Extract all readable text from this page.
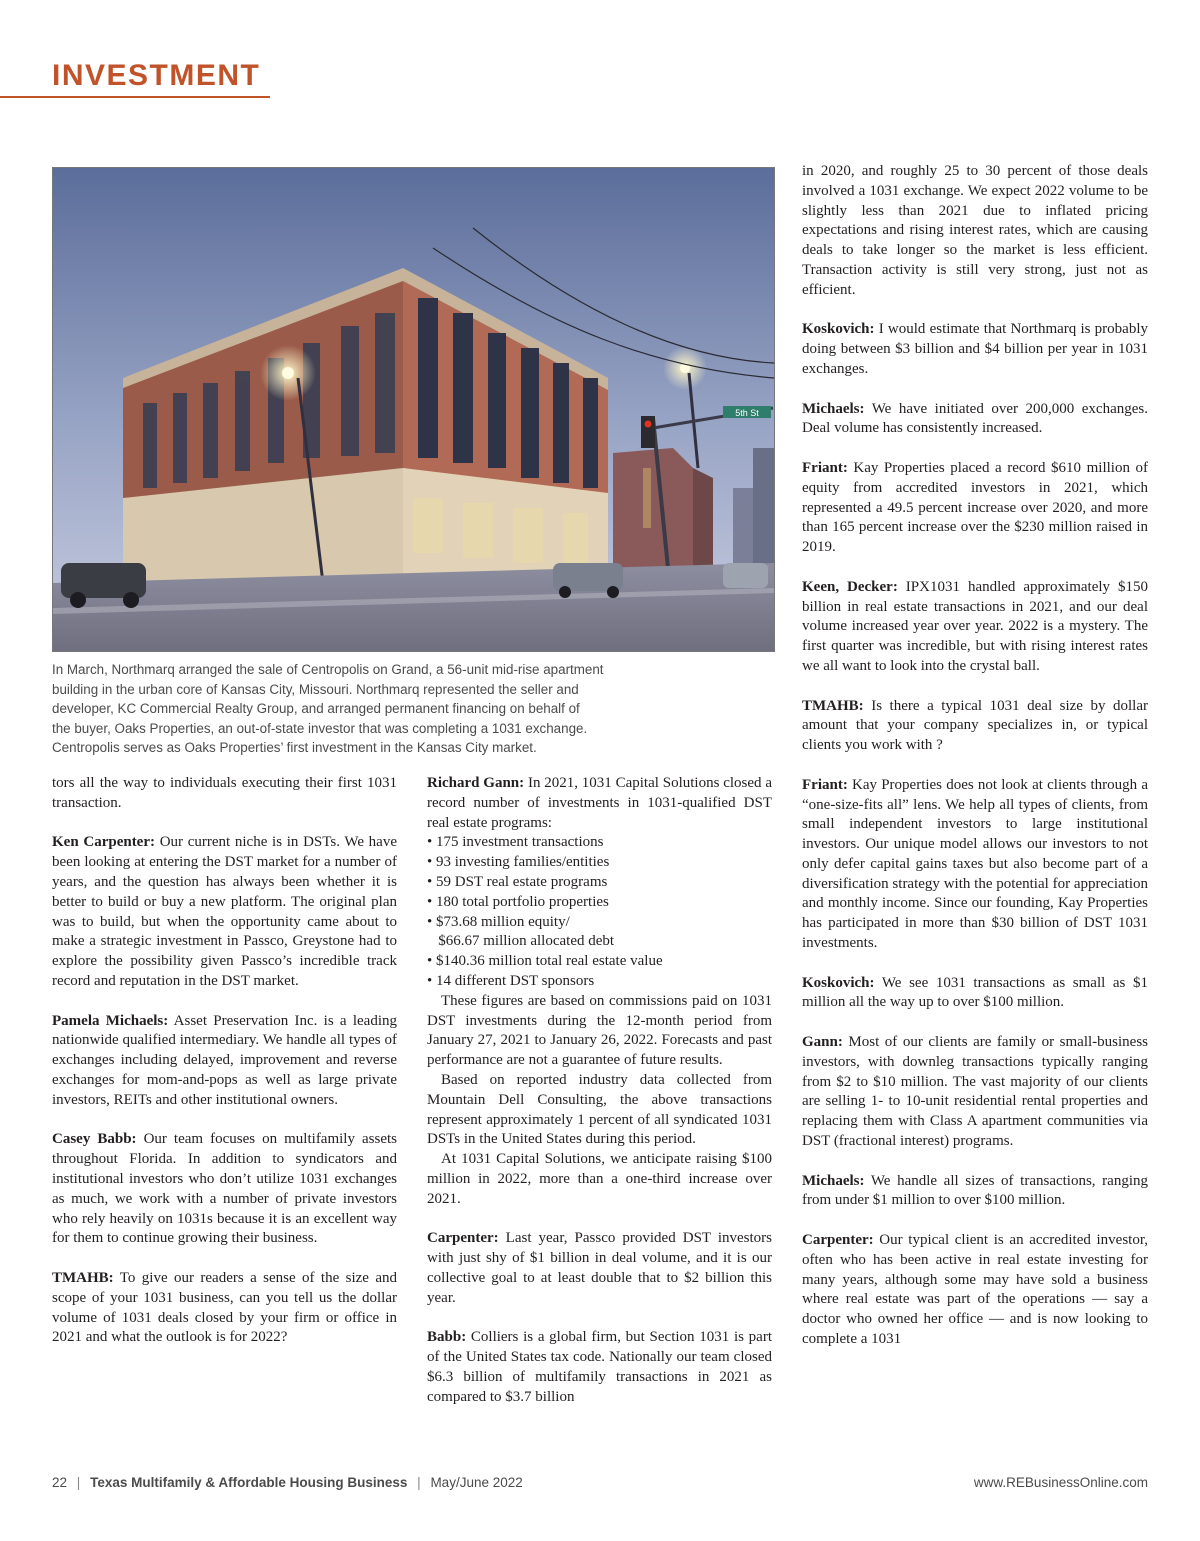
INVESTMENT
5th St

In March, Northmarq arranged the sale of Centropolis on Grand, a 56-unit mid-rise apartment

building in the urban core of Kansas City, Missouri. Northmarq represented the seller and

developer, KC Commercial Realty Group, and arranged permanent financing on behalf of

the buyer, Oaks Properties, an out-of-state investor that was completing a 1031 exchange.

Centropolis serves as Oaks Properties’ first investment in the Kansas City market.

tors all the way to individuals executing their first 1031 transaction.

Ken Carpenter: Our current niche is in DSTs. We have been looking at entering the DST market for a number of years, and the question has always been whether it is better to build or buy a new platform. The original plan was to build, but when the opportunity came about to make a strategic investment in Passco, Greystone had to explore the possibility given Passco’s incredible track record and reputation in the DST market.

Pamela Michaels: Asset Preservation Inc. is a leading nationwide qualified intermediary. We handle all types of exchanges including delayed, improvement and reverse exchanges for mom-and-pops as well as large private investors, REITs and other institutional owners.

Casey Babb: Our team focuses on multifamily assets throughout Florida. In addition to syndicators and institutional investors who don’t utilize 1031 exchanges as much, we work with a number of private investors who rely heavily on 1031s because it is an excellent way for them to continue growing their business.

TMAHB: To give our readers a sense of the size and scope of your 1031 business, can you tell us the dollar volume of 1031 deals closed by your firm or office in 2021 and what the outlook is for 2022?

Richard Gann: In 2021, 1031 Capital Solutions closed a record number of investments in 1031-qualified DST real estate programs:

• 175 investment transactions
• 93 investing families/entities
• 59 DST real estate programs
• 180 total portfolio properties
• $73.68 million equity/
$66.67 million allocated debt
• $140.36 million total real estate value
• 14 different DST sponsors

These figures are based on commissions paid on 1031 DST investments during the 12-month period from January 27, 2021 to January 26, 2022. Forecasts and past performance are not a guarantee of future results.

Based on reported industry data collected from Mountain Dell Consulting, the above transactions represent approximately 1 percent of all syndicated 1031 DSTs in the United States during this period.

At 1031 Capital Solutions, we anticipate raising $100 million in 2022, more than a one-third increase over 2021.

Carpenter: Last year, Passco provided DST investors with just shy of $1 billion in deal volume, and it is our collective goal to at least double that to $2 billion this year.

Babb: Colliers is a global firm, but Section 1031 is part of the United States tax code. Nationally our team closed $6.3 billion of multifamily transactions in 2021 as compared to $3.7 billion

in 2020, and roughly 25 to 30 percent of those deals involved a 1031 exchange. We expect 2022 volume to be slightly less than 2021 due to inflated pricing expectations and rising interest rates, which are causing deals to take longer so the market is less efficient. Transaction activity is still very strong, just not as efficient.

Koskovich: I would estimate that Northmarq is probably doing between $3 billion and $4 billion per year in 1031 exchanges.

Michaels: We have initiated over 200,000 exchanges. Deal volume has consistently increased.

Friant: Kay Properties placed a record $610 million of equity from accredited investors in 2021, which represented a 49.5 percent increase over 2020, and more than 165 percent increase over the $230 million raised in 2019.

Keen, Decker: IPX1031 handled approximately $150 billion in real estate transactions in 2021, and our deal volume increased year over year. 2022 is a mystery. The first quarter was incredible, but with rising interest rates we all want to look into the crystal ball.

TMAHB: Is there a typical 1031 deal size by dollar amount that your company specializes in, or typical clients you work with ?

Friant: Kay Properties does not look at clients through a “one-size-fits all” lens. We help all types of clients, from small independent investors to large institutional investors. Our unique model allows our investors to not only defer capital gains taxes but also become part of a diversification strategy with the potential for appreciation and monthly income. Since our founding, Kay Properties has participated in more than $30 billion of DST 1031 investments.

Koskovich: We see 1031 transactions as small as $1 million all the way up to over $100 million.

Gann: Most of our clients are family or small-business investors, with downleg transactions typically ranging from $2 to $10 million. The vast majority of our clients are selling 1- to 10-unit residential rental properties and replacing them with Class A apartment communities via DST (fractional interest) programs.

Michaels: We handle all sizes of transactions, ranging from under $1 million to over $100 million.

Carpenter: Our typical client is an accredited investor, often who has been active in real estate investing for many years, although some may have sold a business where real estate was part of the operations — say a doctor who owned her office — and is now looking to complete a 1031

22 | Texas Multifamily & Affordable Housing Business | May/June 2022	www.REBusinessOnline.com
